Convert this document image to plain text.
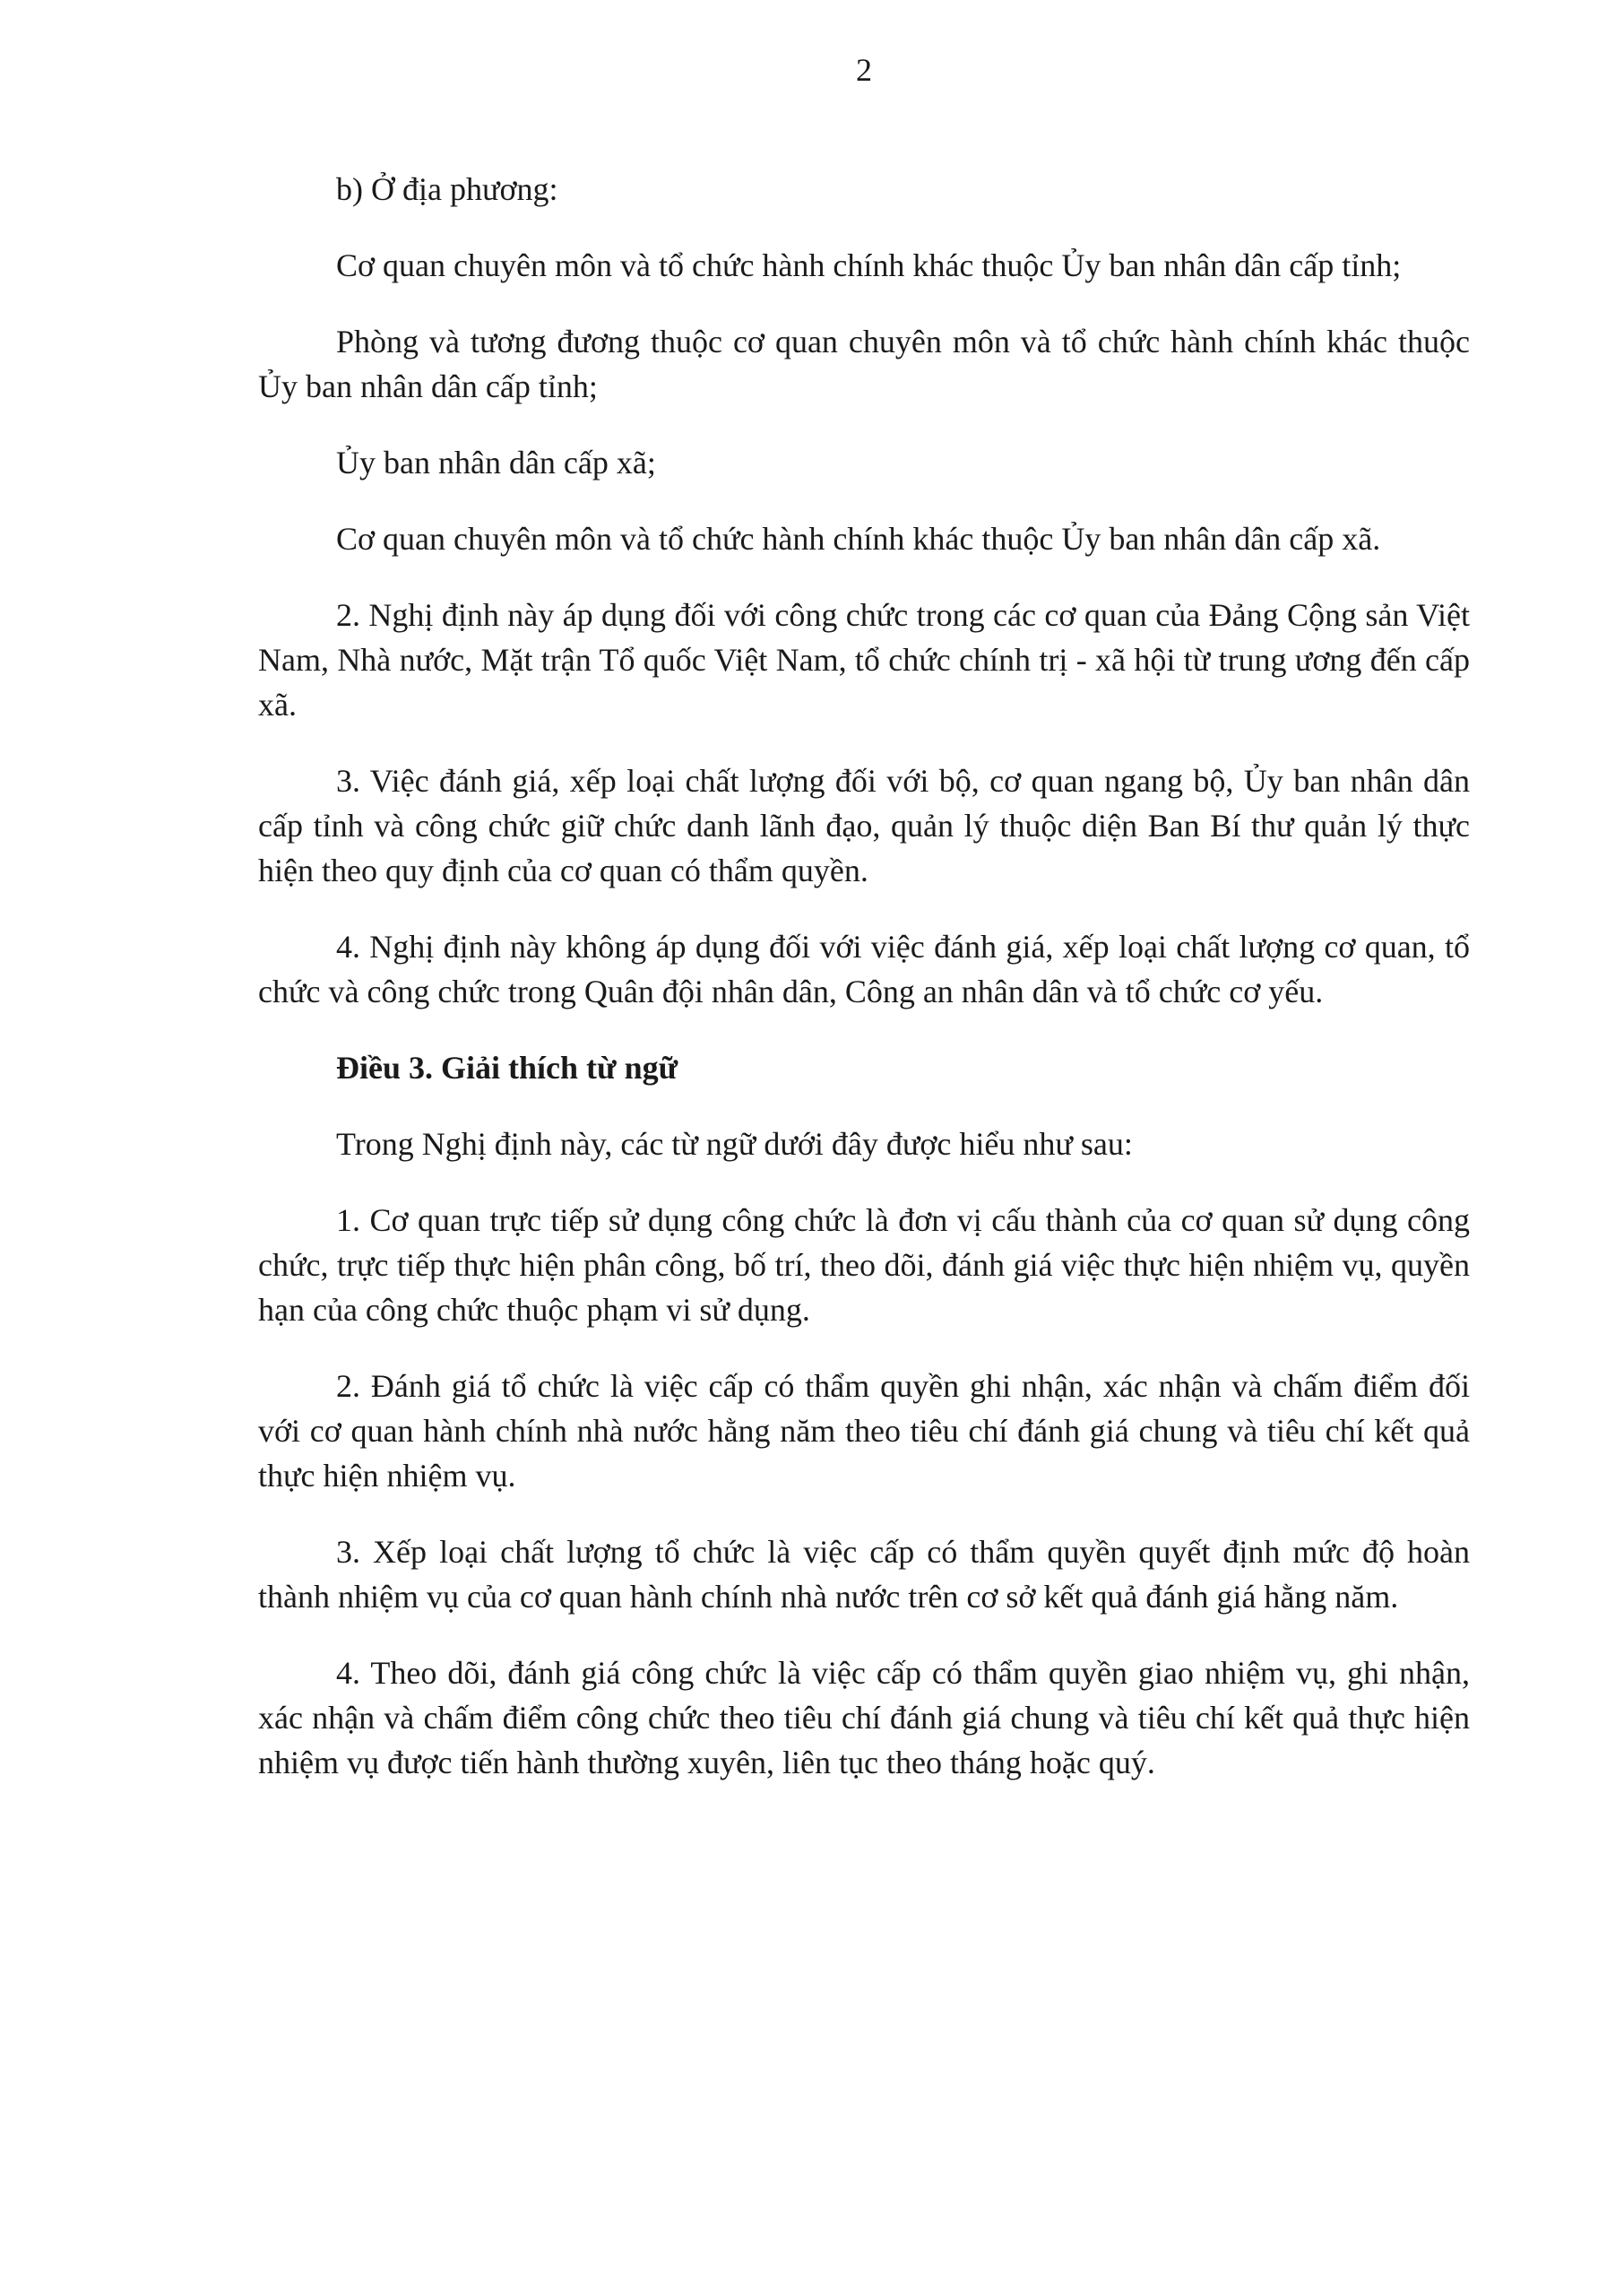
2

b) Ở địa phương:

Cơ quan chuyên môn và tổ chức hành chính khác thuộc Ủy ban nhân dân cấp tỉnh;

Phòng và tương đương thuộc cơ quan chuyên môn và tổ chức hành chính khác thuộc Ủy ban nhân dân cấp tỉnh;

Ủy ban nhân dân cấp xã;

Cơ quan chuyên môn và tổ chức hành chính khác thuộc Ủy ban nhân dân cấp xã.

2. Nghị định này áp dụng đối với công chức trong các cơ quan của Đảng Cộng sản Việt Nam, Nhà nước, Mặt trận Tổ quốc Việt Nam, tổ chức chính trị - xã hội từ trung ương đến cấp xã.

3. Việc đánh giá, xếp loại chất lượng đối với bộ, cơ quan ngang bộ, Ủy ban nhân dân cấp tỉnh và công chức giữ chức danh lãnh đạo, quản lý thuộc diện Ban Bí thư quản lý thực hiện theo quy định của cơ quan có thẩm quyền.

4. Nghị định này không áp dụng đối với việc đánh giá, xếp loại chất lượng cơ quan, tổ chức và công chức trong Quân đội nhân dân, Công an nhân dân và tổ chức cơ yếu.

Điều 3. Giải thích từ ngữ

Trong Nghị định này, các từ ngữ dưới đây được hiểu như sau:

1. Cơ quan trực tiếp sử dụng công chức là đơn vị cấu thành của cơ quan sử dụng công chức, trực tiếp thực hiện phân công, bố trí, theo dõi, đánh giá việc thực hiện nhiệm vụ, quyền hạn của công chức thuộc phạm vi sử dụng.

2. Đánh giá tổ chức là việc cấp có thẩm quyền ghi nhận, xác nhận và chấm điểm đối với cơ quan hành chính nhà nước hằng năm theo tiêu chí đánh giá chung và tiêu chí kết quả thực hiện nhiệm vụ.

3. Xếp loại chất lượng tổ chức là việc cấp có thẩm quyền quyết định mức độ hoàn thành nhiệm vụ của cơ quan hành chính nhà nước trên cơ sở kết quả đánh giá hằng năm.

4. Theo dõi, đánh giá công chức là việc cấp có thẩm quyền giao nhiệm vụ, ghi nhận, xác nhận và chấm điểm công chức theo tiêu chí đánh giá chung và tiêu chí kết quả thực hiện nhiệm vụ được tiến hành thường xuyên, liên tục theo tháng hoặc quý.
